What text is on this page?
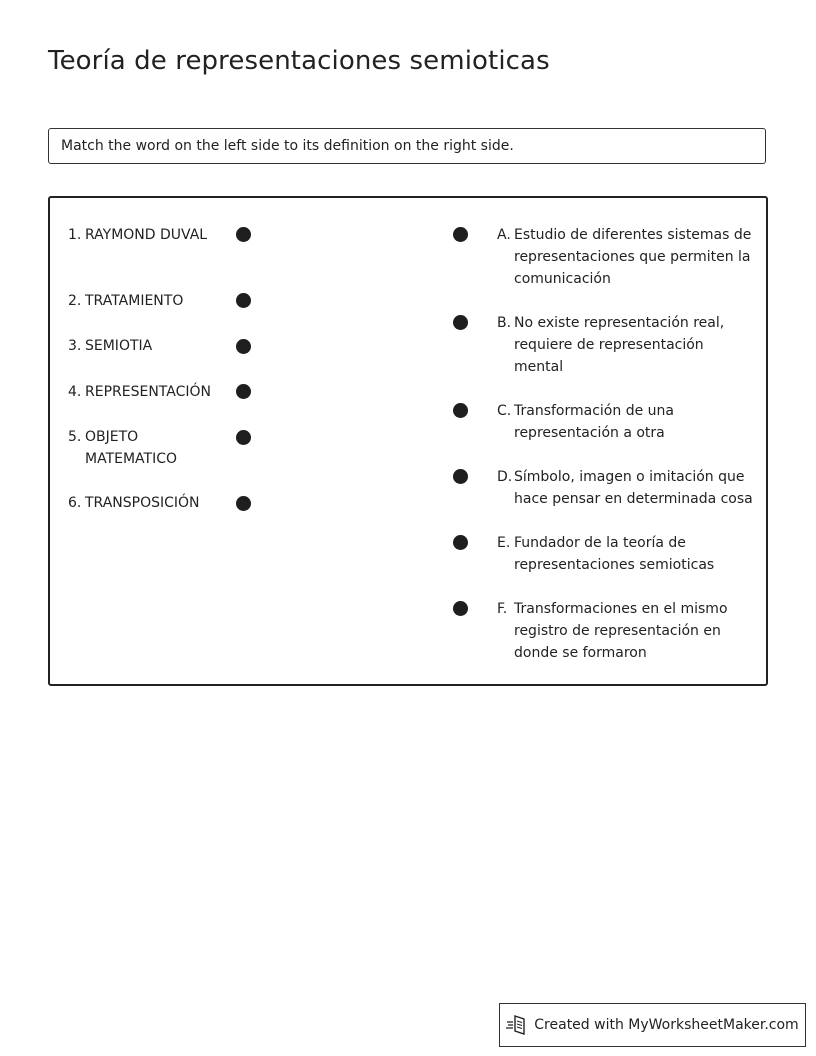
Teoría de representaciones semioticas
Match the word on the left side to its definition on the right side.
1. RAYMOND DUVAL
2. TRATAMIENTO
3. SEMIOTIA
4. REPRESENTACIÓN
5. OBJETO MATEMATICO
6. TRANSPOSICIÓN
A. Estudio de diferentes sistemas de representaciones que permiten la comunicación
B. No existe representación real, requiere de representación mental
C. Transformación de una representación a otra
D. Símbolo, imagen o imitación que hace pensar en determinada cosa
E. Fundador de la teoría de representaciones semioticas
F. Transformaciones en el mismo registro de representación en donde se formaron
Created with MyWorksheetMaker.com
